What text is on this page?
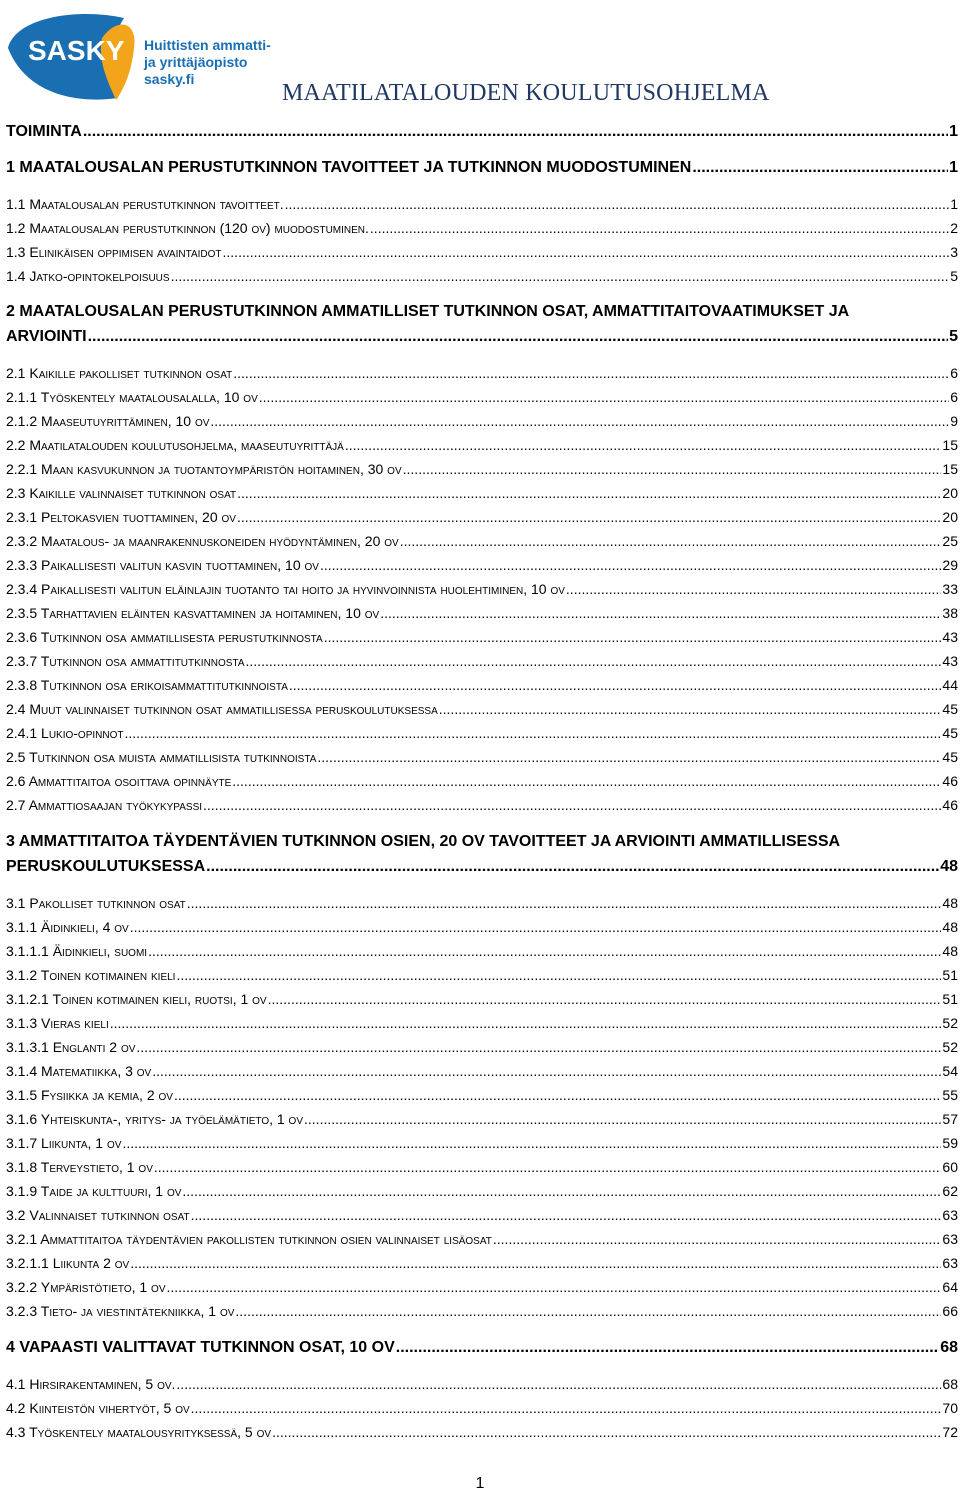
SASKY Huittisten ammatti-
ja yrittäjäopisto
sasky.fi
MAATILATALOUDEN KOULUTUSOHJELMA
TOIMINTA .....	1
1 MAATALOUSALAN PERUSTUTKINNON TAVOITTEET JA TUTKINNON MUODOSTUMINEN .....	1
1.1 Maatalousalan perustutkinnon tavoitteet. .....	1
1.2 Maatalousalan perustutkinnon (120 ov) muodostuminen. .....	2
1.3 Elinikäisen oppimisen avaintaidot .....	3
1.4 Jatko-opintokelpoisuus .....	5
2 MAATALOUSALAN PERUSTUTKINNON AMMATILLISET TUTKINNON OSAT, AMMATTITAITOVAATIMUKSET JA
ARVIOINTI .....	5
2.1 Kaikille pakolliset tutkinnon osat .....	6
2.1.1 Työskentely maatalousalalla, 10 ov .....	6
2.1.2 Maaseutuyrittäminen, 10 ov .....	9
2.2 Maatilatalouden koulutusohjelma, maaseutuyrittäjä .....	15
2.2.1 Maan kasvukunnon ja tuotantoympäristön hoitaminen, 30 ov .....	15
2.3 Kaikille valinnaiset tutkinnon osat .....	20
2.3.1 Peltokasvien tuottaminen, 20 ov .....	20
2.3.2 Maatalous- ja maanrakennuskoneiden hyödyntäminen, 20 ov .....	25
2.3.3 Paikallisesti valitun kasvin tuottaminen, 10 ov .....	29
2.3.4 Paikallisesti valitun eläinlajin tuotanto tai hoito ja hyvinvoinnista huolehtiminen, 10 ov .....	33
2.3.5 Tarhattavien eläinten kasvattaminen ja hoitaminen, 10 ov .....	38
2.3.6 Tutkinnon osa ammatillisesta perustutkinnosta .....	43
2.3.7 Tutkinnon osa ammattitutkinnosta .....	43
2.3.8 Tutkinnon osa erikoisammattitutkinnoista .....	44
2.4 Muut valinnaiset tutkinnon osat ammatillisessa peruskoulutuksessa .....	45
2.4.1 Lukio-opinnot .....	45
2.5 Tutkinnon osa muista ammatillisista tutkinnoista .....	45
2.6 Ammattitaitoa osoittava opinnäyte .....	46
2.7 Ammattiosaajan työkykypassi .....	46
3 AMMATTITAITOA TÄYDENTÄVIEN TUTKINNON OSIEN, 20 OV TAVOITTEET JA ARVIOINTI AMMATILLISESSA
PERUSKOULUTUKSESSA .....	48
3.1 Pakolliset tutkinnon osat .....	48
3.1.1 Äidinkieli, 4 ov .....	48
3.1.1.1 Äidinkieli, suomi .....	48
3.1.2 Toinen kotimainen kieli .....	51
3.1.2.1 Toinen kotimainen kieli, ruotsi, 1 ov .....	51
3.1.3 Vieras kieli .....	52
3.1.3.1 Englanti 2 ov .....	52
3.1.4 Matematiikka, 3 ov .....	54
3.1.5 Fysiikka ja kemia, 2 ov .....	55
3.1.6 Yhteiskunta-, yritys- ja työelämätieto, 1 ov .....	57
3.1.7 Liikunta, 1 ov .....	59
3.1.8 Terveystieto, 1 ov .....	60
3.1.9 Taide ja kulttuuri, 1 ov .....	62
3.2 Valinnaiset tutkinnon osat .....	63
3.2.1 Ammattitaitoa täydentävien pakollisten tutkinnon osien valinnaiset lisäosat .....	63
3.2.1.1 Liikunta 2 ov .....	63
3.2.2 Ympäristötieto, 1 ov .....	64
3.2.3 Tieto- ja viestintätekniikka, 1 ov .....	66
4 VAPAASTI VALITTAVAT TUTKINNON OSAT, 10 OV .....	68
4.1 Hirsirakentaminen, 5 ov. .....	68
4.2 Kiinteistön vihertyöt, 5 ov .....	70
4.3 Työskentely maatalousyrityksessä, 5 ov .....	72
1
